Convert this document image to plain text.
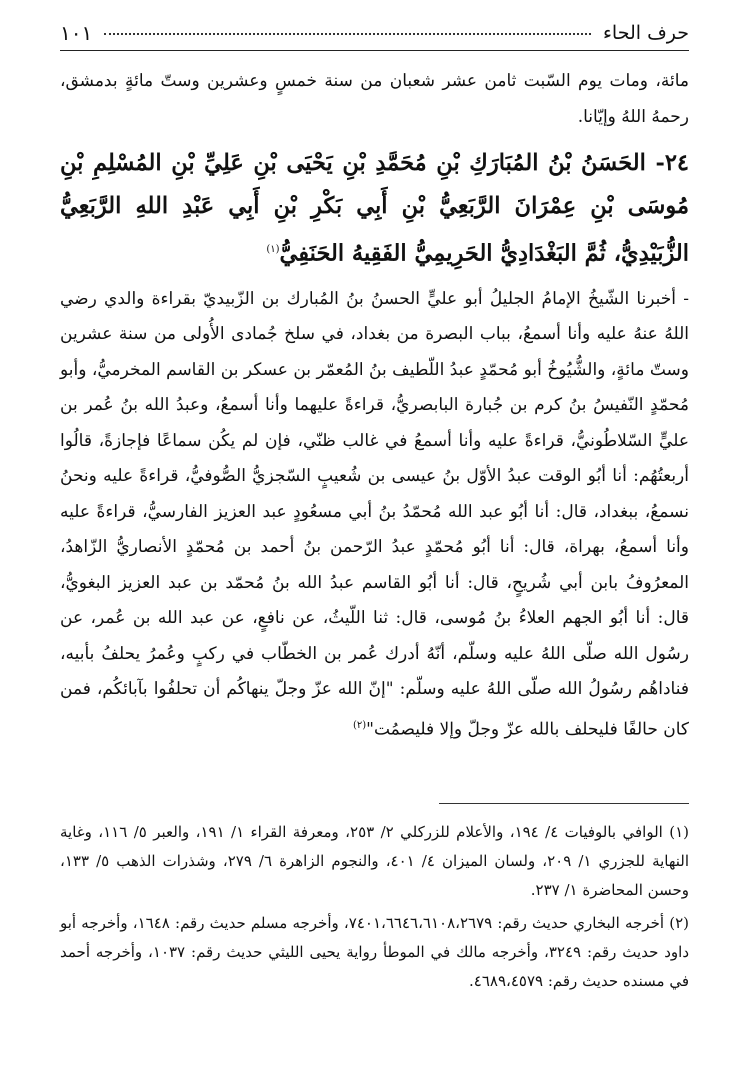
حرف الحاء
١٠١

مائة، ومات يوم السّبت ثامن عشر شعبان من سنة خمسٍ وعشرين وستّ مائةٍ بدمشق، رحمهُ اللهُ وإيّانا.

٢٤- الحَسَنُ بْنُ المُبَارَكِ بْنِ مُحَمَّدِ بْنِ يَحْيَى بْنِ عَلِيِّ بْنِ المُسْلِمِ بْنِ مُوسَى بْنِ عِمْرَانَ الرَّبَعِيُّ بْنِ أَبِي بَكْرِ بْنِ أَبِي عَبْدِ اللهِ الرَّبَعِيُّ الزُّبَيْدِيُّ، ثُمَّ البَغْدَادِيُّ الحَرِيمِيُّ الفَقِيهُ الحَنَفِيُّ$^{(١)}$

- أخبرنا الشّيخُ الإمامُ الجليلُ أبو عليٍّ الحسنُ بنُ المُبارك بن الزّبيديّ بقراءة والدي رضي اللهُ عنهُ عليه وأنا أسمعُ، بباب البصرة من بغداد، في سلخ جُمادى الأُولى من سنة عشرين وستّ مائةٍ، والشُّيُوخُ أبو مُحمّدٍ عبدُ اللّطيف بنُ المُعمّر بن عسكر بن القاسم المخرميُّ، وأبو مُحمّدٍ النّفيسُ بنُ كرم بن جُبارة البابصريُّ، قراءةً عليهما وأنا أسمعُ، وعبدُ الله بنُ عُمر بن عليٍّ السّلاطُونيُّ، قراءةً عليه وأنا أسمعُ في غالب ظنّي، فإن لم يكُن سماعًا فإجازةً، قالُوا أربعتُهُم: أنا أبُو الوقت عبدُ الأوّل بنُ عيسى بن شُعيبٍ السّجزيُّ الصُّوفيُّ، قراءةً عليه ونحنُ نسمعُ، ببغداد، قال: أنا أبُو عبد الله مُحمّدُ بنُ أبي مسعُودٍ عبد العزيز الفارسيُّ، قراءةً عليه وأنا أسمعُ، بهراة، قال: أنا أبُو مُحمّدٍ عبدُ الرّحمن بنُ أحمد بن مُحمّدٍ الأنصاريُّ الزّاهدُ، المعرُوفُ بابن أبي شُريحٍ، قال: أنا أبُو القاسم عبدُ الله بنُ مُحمّد بن عبد العزيز البغويُّ، قال: أنا أبُو الجهم العلاءُ بنُ مُوسى، قال: ثنا اللّيثُ، عن نافعٍ، عن عبد الله بن عُمر، عن رسُول الله صلّى اللهُ عليه وسلّم، أنّهُ أدرك عُمر بن الخطّاب في ركبٍ وعُمرُ يحلفُ بأبيه، فناداهُم رسُولُ الله صلّى اللهُ عليه وسلّم: "إنّ الله عزّ وجلّ ينهاكُم أن تحلفُوا بآبائكُم، فمن كان حالفًا فليحلف بالله عزّ وجلّ وإلا فليصمُت"$^{(٢)}$

(١) الوافي بالوفيات ٤/ ١٩٤، والأعلام للزركلي ٢/ ٢٥٣، ومعرفة القراء ١/ ١٩١، والعبر ٥/ ١١٦، وغاية النهاية للجزري ١/ ٢٠٩، ولسان الميزان ٤/ ٤٠١، والنجوم الزاهرة ٦/ ٢٧٩، وشذرات الذهب ٥/ ١٣٣، وحسن المحاضرة ١/ ٢٣٧.

(٢) أخرجه البخاري حديث رقم: ٧٤٠١،٦٦٤٦،٦١٠٨،٢٦٧٩، وأخرجه مسلم حديث رقم: ١٦٤٨، وأخرجه أبو داود حديث رقم: ٣٢٤٩، وأخرجه مالك في الموطأ رواية يحيى الليثي حديث رقم: ١٠٣٧، وأخرجه أحمد في مسنده حديث رقم: ٤٦٨٩،٤٥٧٩.
